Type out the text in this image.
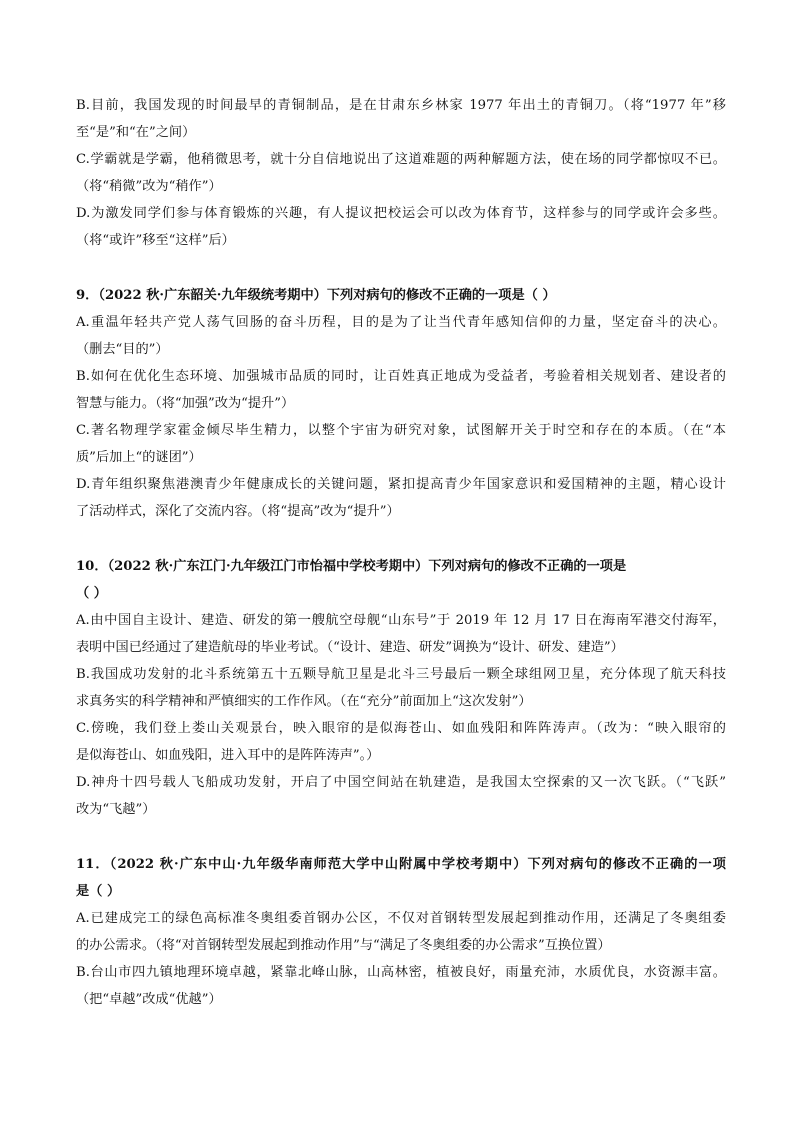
B.目前，我国发现的时间最早的青铜制品，是在甘肃东乡林家 1977 年出土的青铜刀。（将“1977 年”移
至“是”和“在”之间）
C.学霸就是学霸，他稍微思考，就十分自信地说出了这道难题的两种解题方法，使在场的同学都惊叹不已。
（将“稍微”改为“稍作”）
D.为激发同学们参与体育锻炼的兴趣，有人提议把校运会可以改为体育节，这样参与的同学或许会多些。
（将“或许”移至“这样”后）
9．（2022 秋·广东韶关·九年级统考期中）下列对病句的修改不正确的一项是（ ）
A.重温年轻共产党人荡气回肠的奋斗历程，目的是为了让当代青年感知信仰的力量，坚定奋斗的决心。
（删去“目的”）
B.如何在优化生态环境、加强城市品质的同时，让百姓真正地成为受益者，考验着相关规划者、建设者的
智慧与能力。（将“加强”改为“提升”）
C.著名物理学家霍金倾尽毕生精力，以整个宇宙为研究对象，试图解开关于时空和存在的本质。（在“本
质”后加上“的谜团”）
D.青年组织聚焦港澳青少年健康成长的关键问题，紧扣提高青少年国家意识和爱国精神的主题，精心设计
了活动样式，深化了交流内容。（将“提高”改为“提升”）
10．（2022 秋·广东江门·九年级江门市怡福中学校考期中）下列对病句的修改不正确的一项是
（ ）
A.由中国自主设计、建造、研发的第一艘航空母舰“山东号”于 2019 年 12 月 17 日在海南军港交付海军，
表明中国已经通过了建造航母的毕业考试。（“设计、建造、研发”调换为“设计、研发、建造”）
B.我国成功发射的北斗系统第五十五颗导航卫星是北斗三号最后一颗全球组网卫星，充分体现了航天科技
求真务实的科学精神和严慎细实的工作作风。（在“充分”前面加上“这次发射”）
C.傍晚，我们登上娄山关观景台，映入眼帘的是似海苍山、如血残阳和阵阵涛声。（改为：“映入眼帘的
是似海苍山、如血残阳，进入耳中的是阵阵涛声”。）
D.神舟十四号载人飞船成功发射，开启了中国空间站在轨建造，是我国太空探索的又一次飞跃。（“飞跃”
改为“飞越”）
11．（2022 秋·广东中山·九年级华南师范大学中山附属中学校考期中）下列对病句的修改不正确的一项
是（ ）
A.已建成完工的绿色高标准冬奥组委首钢办公区，不仅对首钢转型发展起到推动作用，还满足了冬奥组委
的办公需求。（将“对首钢转型发展起到推动作用”与“满足了冬奥组委的办公需求”互换位置）
B.台山市四九镇地理环境卓越，紧靠北峰山脉，山高林密，植被良好，雨量充沛，水质优良，水资源丰富。
（把“卓越”改成“优越”）
